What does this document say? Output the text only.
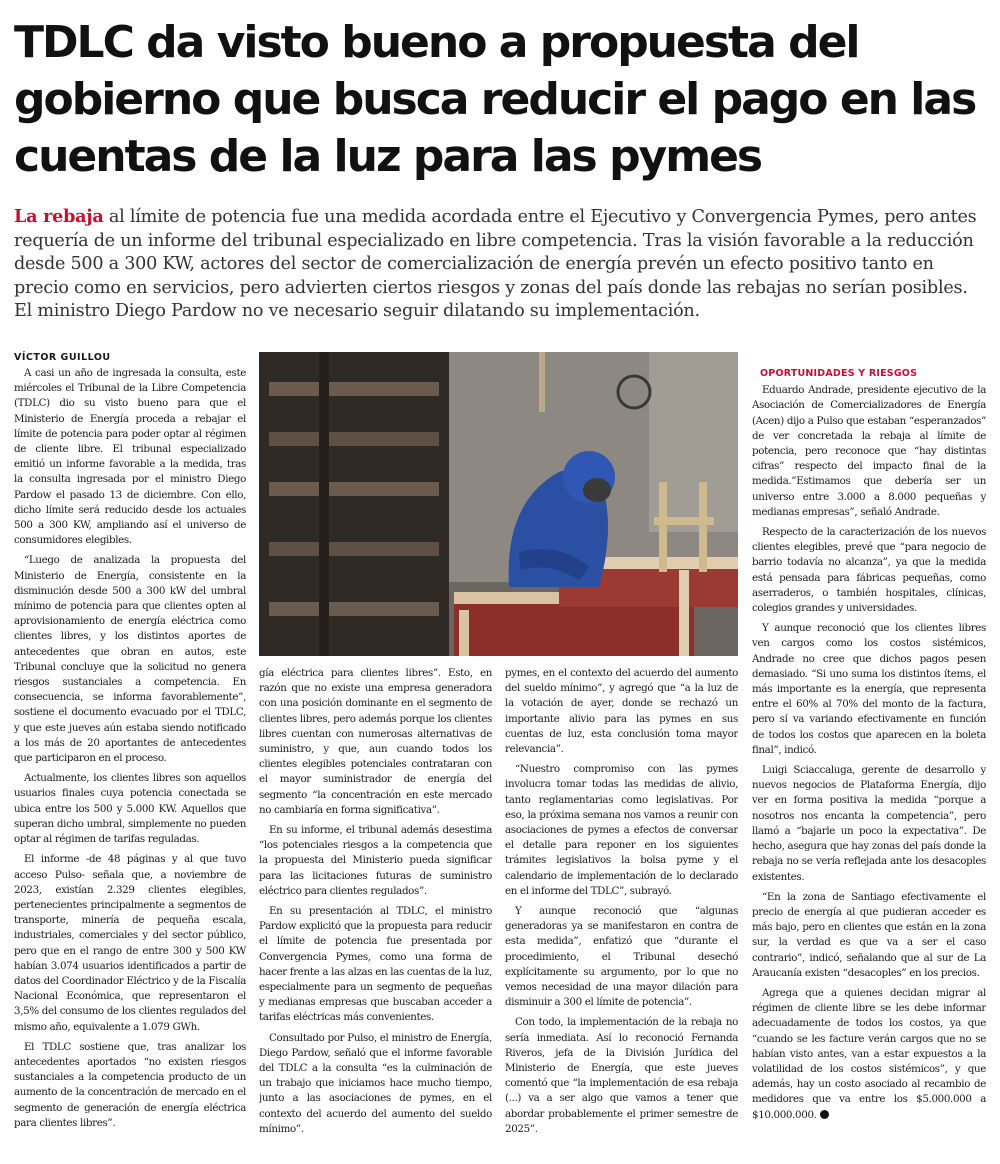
TDLC da visto bueno a propuesta del gobierno que busca reducir el pago en las cuentas de la luz para las pymes

La rebaja al límite de potencia fue una medida acordada entre el Ejecutivo y Convergencia Pymes, pero antes requería de un informe del tribunal especializado en libre competencia. Tras la visión favorable a la reducción desde 500 a 300 KW, actores del sector de comercialización de energía prevén un efecto positivo tanto en precio como en servicios, pero advierten ciertos riesgos y zonas del país donde las rebajas no serían posibles. El ministro Diego Pardow no ve necesario seguir dilatando su implementación.

VÍCTOR GUILLOU

A casi un año de ingresada la consulta, este miércoles el Tribunal de la Libre Competencia (TDLC) dio su visto bueno para que el Ministerio de Energía proceda a rebajar el límite de potencia para poder optar al régimen de cliente libre. El tribunal especializado emitió un informe favorable a la medida, tras la consulta ingresada por el ministro Diego Pardow el pasado 13 de diciembre. Con ello, dicho límite será reducido desde los actuales 500 a 300 KW, ampliando así el universo de consumidores elegibles.

“Luego de analizada la propuesta del Ministerio de Energía, consistente en la disminución desde 500 a 300 kW del umbral mínimo de potencia para que clientes opten al aprovisionamiento de energía eléctrica como clientes libres, y los distintos aportes de antecedentes que obran en autos, este Tribunal concluye que la solicitud no genera riesgos sustanciales a competencia. En consecuencia, se informa favorablemente”, sostiene el documento evacuado por el TDLC, y que este jueves aún estaba siendo notificado a los más de 20 aportantes de antecedentes que participaron en el proceso.

Actualmente, los clientes libres son aquellos usuarios finales cuya potencia conectada se ubica entre los 500 y 5.000 KW. Aquellos que superan dicho umbral, simplemente no pueden optar al régimen de tarifas reguladas.

El informe -de 48 páginas y al que tuvo acceso Pulso- señala que, a noviembre de 2023, existían 2.329 clientes elegibles, pertenecientes principalmente a segmentos de transporte, minería de pequeña escala, industriales, comerciales y del sector público, pero que en el rango de entre 300 y 500 KW habían 3.074 usuarios identificados a partir de datos del Coordinador Eléctrico y de la Fiscalía Nacional Económica, que representaron el 3,5% del consumo de los clientes regulados del mismo año, equivalente a 1.079 GWh.

El TDLC sostiene que, tras analizar los antecedentes aportados “no existen riesgos sustanciales a la competencia producto de un aumento de la concentración de mercado en el segmento de generación de energía eléctrica para clientes libres”.

gía eléctrica para clientes libres”. Esto, en razón que no existe una empresa generadora con una posición dominante en el segmento de clientes libres, pero además porque los clientes libres cuentan con numerosas alternativas de suministro, y que, aun cuando todos los clientes elegibles potenciales contrataran con el mayor suministrador de energía del segmento “la concentración en este mercado no cambiaría en forma significativa”.

En su informe, el tribunal además desestima “los potenciales riesgos a la competencia que la propuesta del Ministerio pueda significar para las licitaciones futuras de suministro eléctrico para clientes regulados”.

En su presentación al TDLC, el ministro Pardow explicitó que la propuesta para reducir el límite de potencia fue presentada por Convergencia Pymes, como una forma de hacer frente a las alzas en las cuentas de la luz, especialmente para un segmento de pequeñas y medianas empresas que buscaban acceder a tarifas eléctricas más convenientes.

Consultado por Pulso, el ministro de Energía, Diego Pardow, señaló que el informe favorable del TDLC a la consulta “es la culminación de un trabajo que iniciamos hace mucho tiempo, junto a las asociaciones de pymes, en el contexto del acuerdo del aumento del sueldo mínimo”.

pymes, en el contexto del acuerdo del aumento del sueldo mínimo”, y agregó que “a la luz de la votación de ayer, donde se rechazó un importante alivio para las pymes en sus cuentas de luz, esta conclusión toma mayor relevancia”.

“Nuestro compromiso con las pymes involucra tomar todas las medidas de alivio, tanto reglamentarias como legislativas. Por eso, la próxima semana nos vamos a reunir con asociaciones de pymes a efectos de conversar el detalle para reponer en los siguientes trámites legislativos la bolsa pyme y el calendario de implementación de lo declarado en el informe del TDLC”, subrayó.

Y aunque reconoció que “algunas generadoras ya se manifestaron en contra de esta medida”, enfatizó que “durante el procedimiento, el Tribunal desechó explícitamente su argumento, por lo que no vemos necesidad de una mayor dilación para disminuir a 300 el límite de potencia”.

Con todo, la implementación de la rebaja no sería inmediata. Así lo reconoció Fernanda Riveros, jefa de la División Jurídica del Ministerio de Energía, que este jueves comentó que “la implementación de esa rebaja (...) va a ser algo que vamos a tener que abordar probablemente el primer semestre de 2025”.

OPORTUNIDADES Y RIESGOS

Eduardo Andrade, presidente ejecutivo de la Asociación de Comercializadores de Energía (Acen) dijo a Pulso que estaban “esperanzados” de ver concretada la rebaja al límite de potencia, pero reconoce que “hay distintas cifras” respecto del impacto final de la medida.”Estimamos que debería ser un universo entre 3.000 a 8.000 pequeñas y medianas empresas”, señaló Andrade.

Respecto de la caracterización de los nuevos clientes elegibles, prevé que “para negocio de barrio todavía no alcanza”, ya que la medida está pensada para fábricas pequeñas, como aserraderos, o también hospitales, clínicas, colegios grandes y universidades.

Y aunque reconoció que los clientes libres ven cargos como los costos sistémicos, Andrade no cree que dichos pagos pesen demasiado. “Si uno suma los distintos ítems, el más importante es la energía, que representa entre el 60% al 70% del monto de la factura, pero sí va variando efectivamente en función de todos los costos que aparecen en la boleta final”, indicó.

Luigi Sciaccaluga, gerente de desarrollo y nuevos negocios de Plataforma Energía, dijo ver en forma positiva la medida “porque a nosotros nos encanta la competencia”, pero llamó a “bajarle un poco la expectativa”. De hecho, asegura que hay zonas del país donde la rebaja no se vería reflejada ante los desacoples existentes.

“En la zona de Santiago efectivamente el precio de energía al que pudieran acceder es más bajo, pero en clientes que están en la zona sur, la verdad es que va a ser el caso contrario”, indicó, señalando que al sur de La Araucanía existen “desacoples” en los precios.

Agrega que a quienes decidan migrar al régimen de cliente libre se les debe informar adecuadamente de todos los costos, ya que “cuando se les facture verán cargos que no se habían visto antes, van a estar expuestos a la volatilidad de los costos sistémicos”, y que además, hay un costo asociado al recambio de medidores que va entre los $5.000.000 a $10.000.000.
